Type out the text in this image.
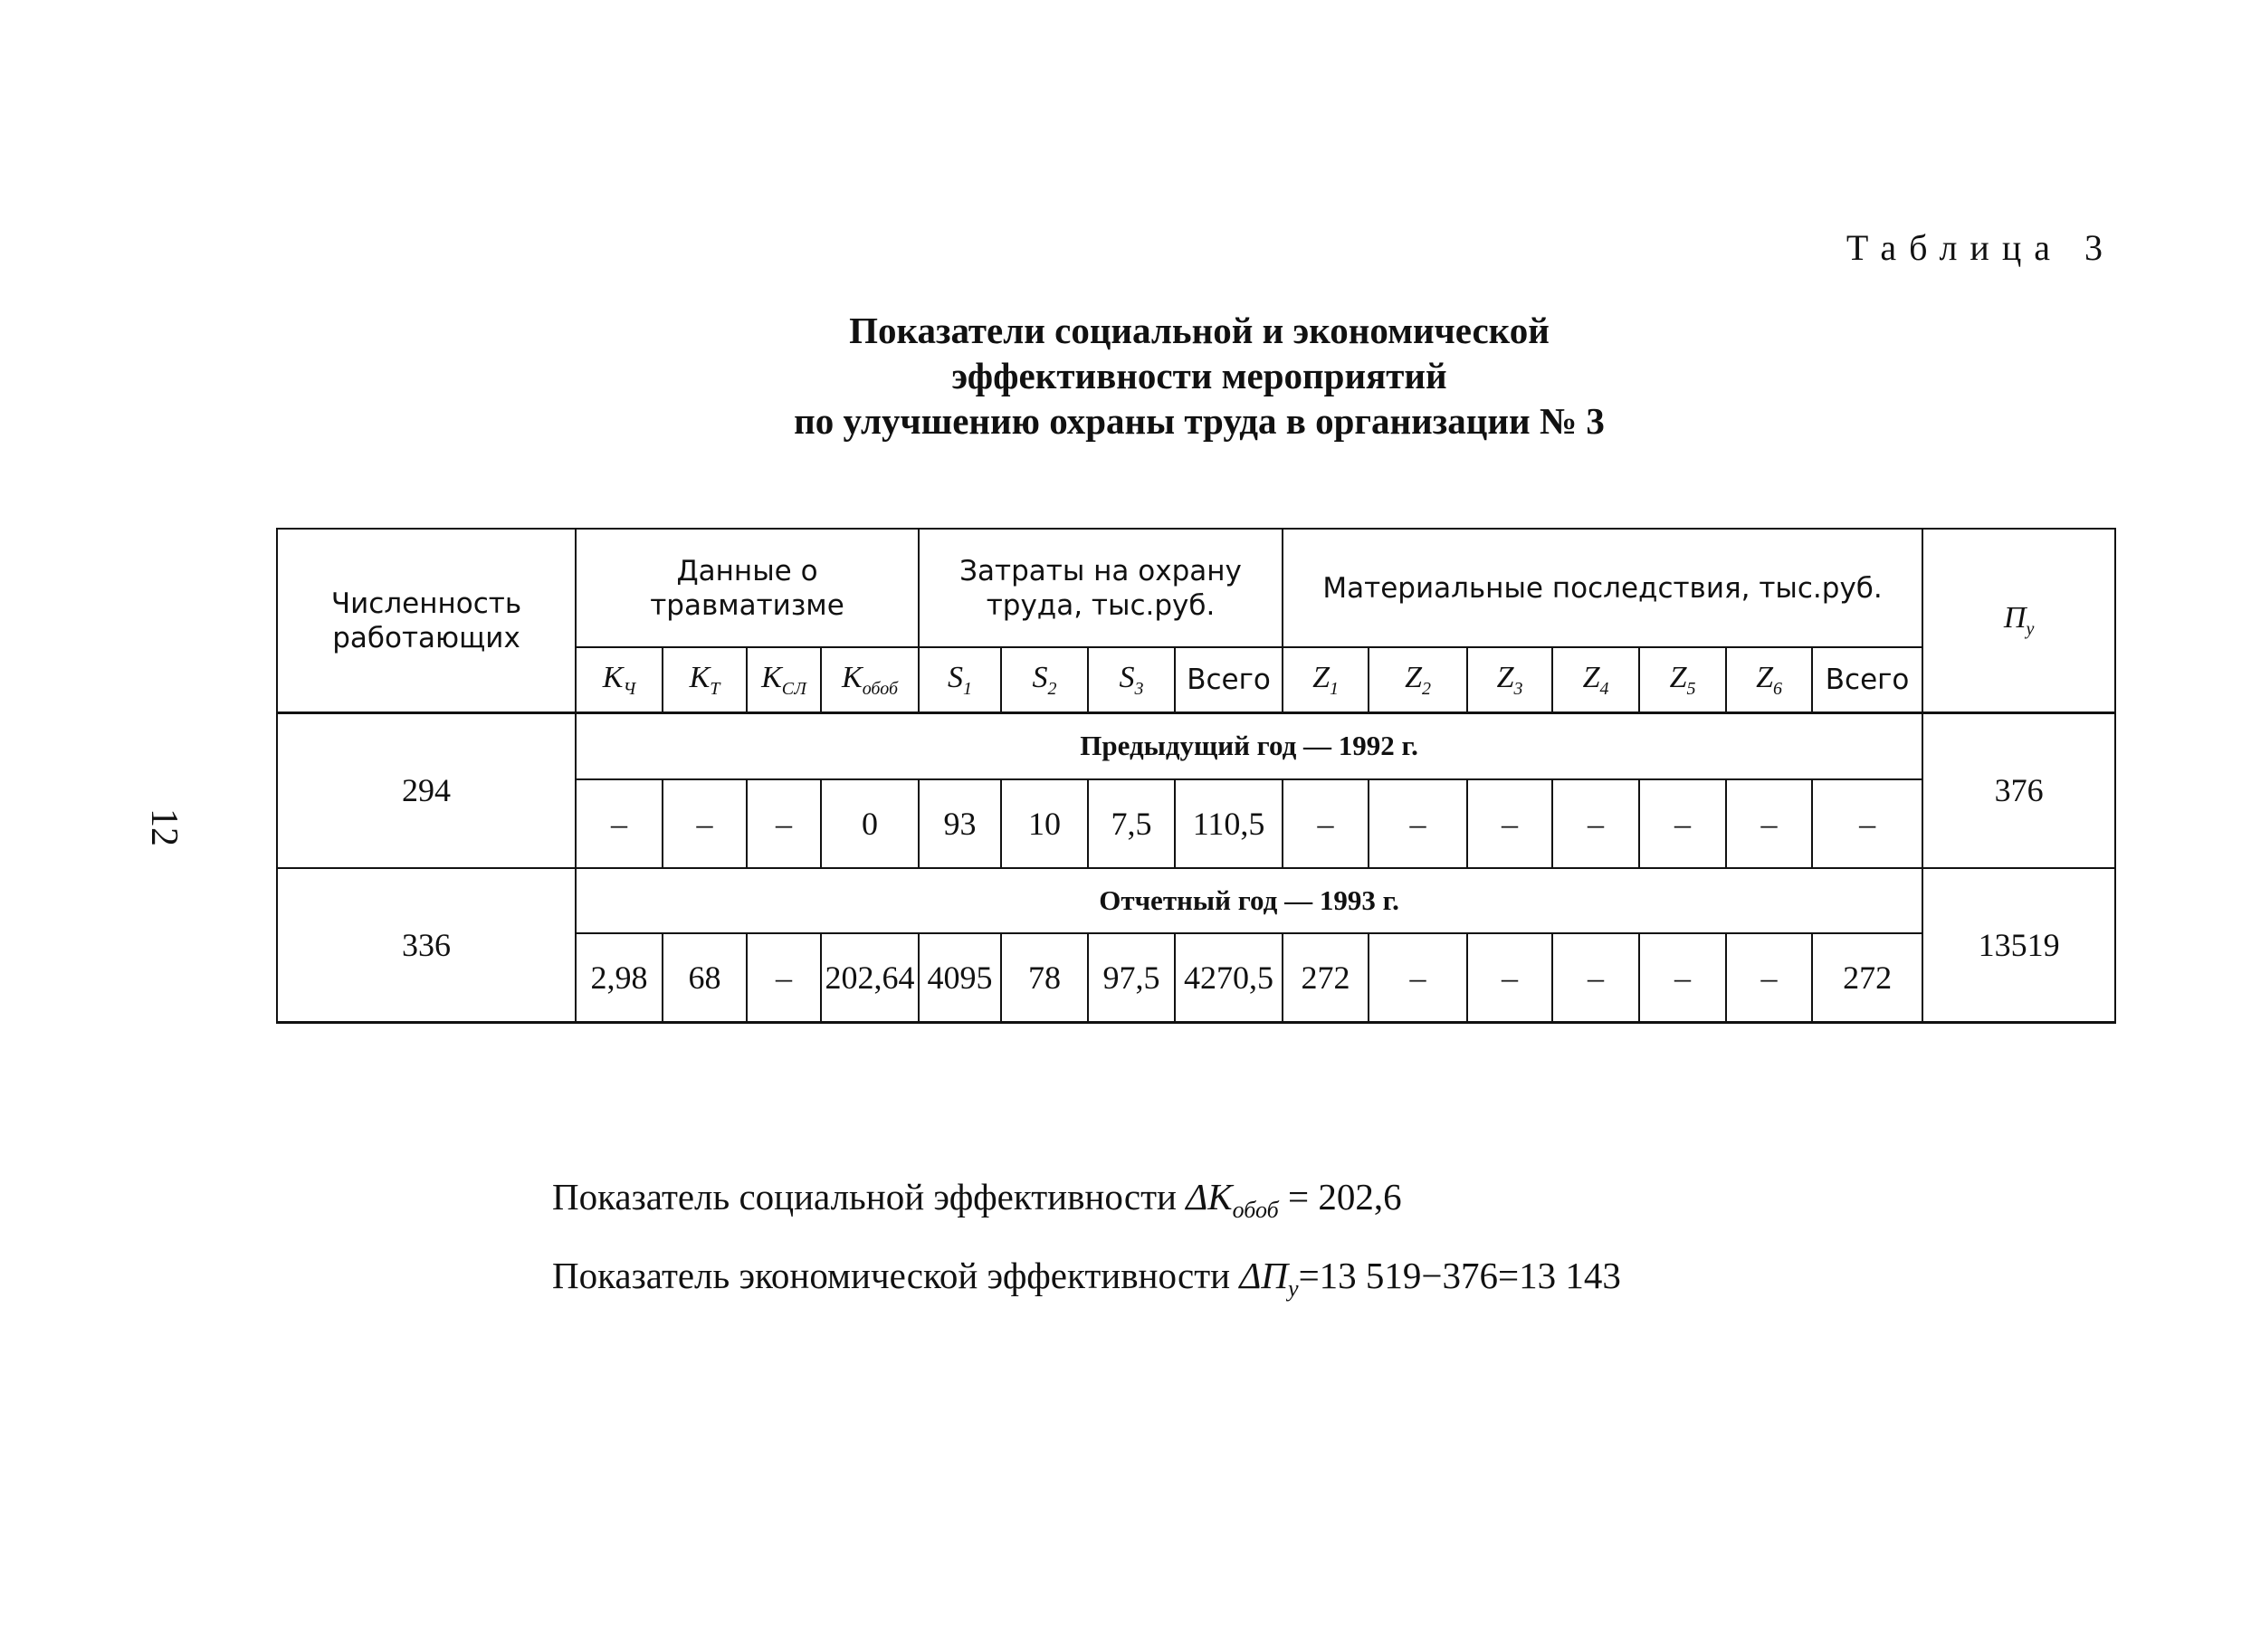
Таблица 3
Показатели социальной и экономической
эффективности мероприятий
по улучшению охраны труда в организации № 3
12
Численность работающих	Данные о травматизме				Затраты на охрану труда, тыс.руб.				Материальные последствия, тыс.руб.							$П_у$
	$K_Ч$	$K_T$	$K_{СЛ}$	$K_{обоб}$	$S_1$	$S_2$	$S_3$	Всего	$Z_1$	$Z_2$	$Z_3$	$Z_4$	$Z_5$	$Z_6$	Всего	
294	Предыдущий год — 1992 г.															376
	–	–	–	0	93	10	7,5	110,5	–	–	–	–	–	–	–	
336	Отчетный год — 1993 г.															13519
	2,98	68	–	202,64	4095	78	97,5	4270,5	272	–	–	–	–	–	272	
Показатель социальной эффективности $\Delta K_{обоб} = 202,6$
Показатель экономической эффективности $\Delta П_у=13$ 519−376=13 143
